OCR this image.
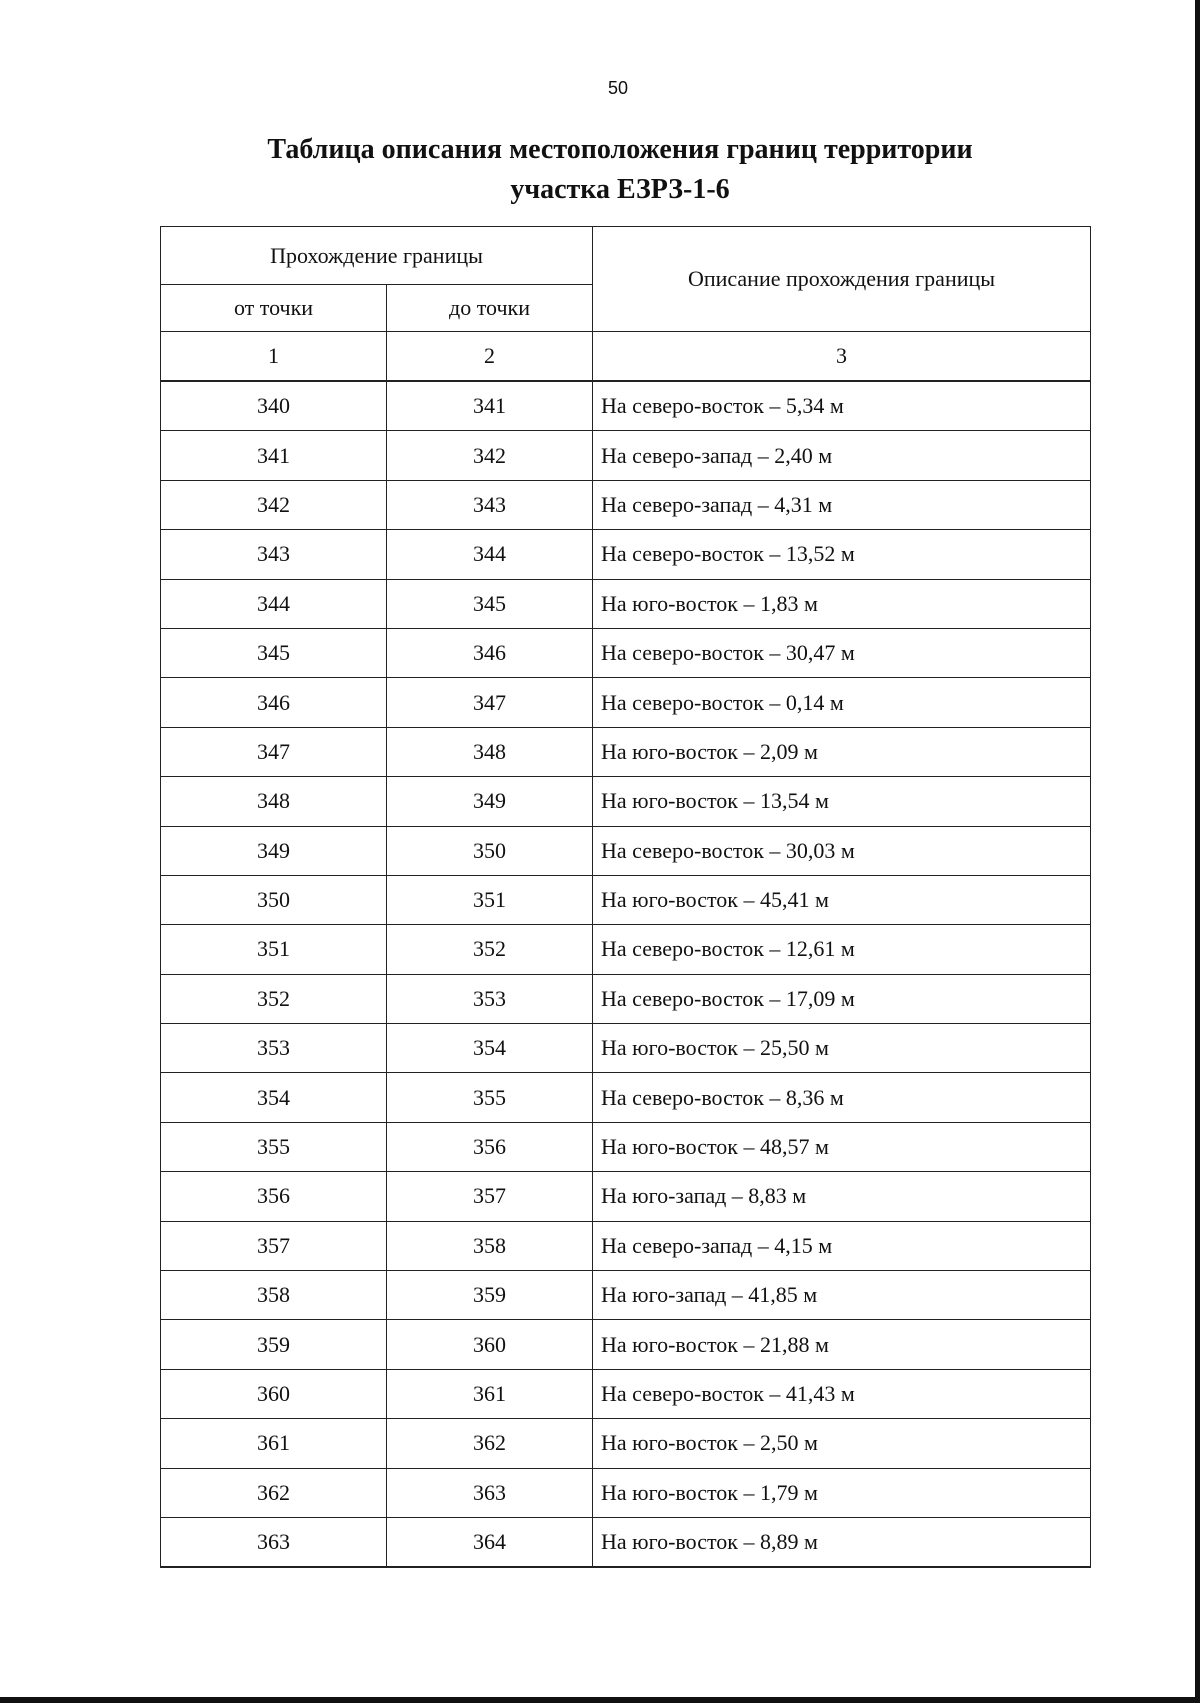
50
Таблица описания местоположения границ территории
участка ЕЗРЗ-1-6
Прохождение границы		Описание прохождения границы
от точки	до точки	
1	2	3
340	341	На северо-восток – 5,34 м
341	342	На северо-запад – 2,40 м
342	343	На северо-запад – 4,31 м
343	344	На северо-восток – 13,52 м
344	345	На юго-восток – 1,83 м
345	346	На северо-восток – 30,47 м
346	347	На северо-восток – 0,14 м
347	348	На юго-восток – 2,09 м
348	349	На юго-восток – 13,54 м
349	350	На северо-восток – 30,03 м
350	351	На юго-восток – 45,41 м
351	352	На северо-восток – 12,61 м
352	353	На северо-восток – 17,09 м
353	354	На юго-восток – 25,50 м
354	355	На северо-восток – 8,36 м
355	356	На юго-восток – 48,57 м
356	357	На юго-запад – 8,83 м
357	358	На северо-запад – 4,15 м
358	359	На юго-запад – 41,85 м
359	360	На юго-восток – 21,88 м
360	361	На северо-восток – 41,43 м
361	362	На юго-восток – 2,50 м
362	363	На юго-восток – 1,79 м
363	364	На юго-восток – 8,89 м
